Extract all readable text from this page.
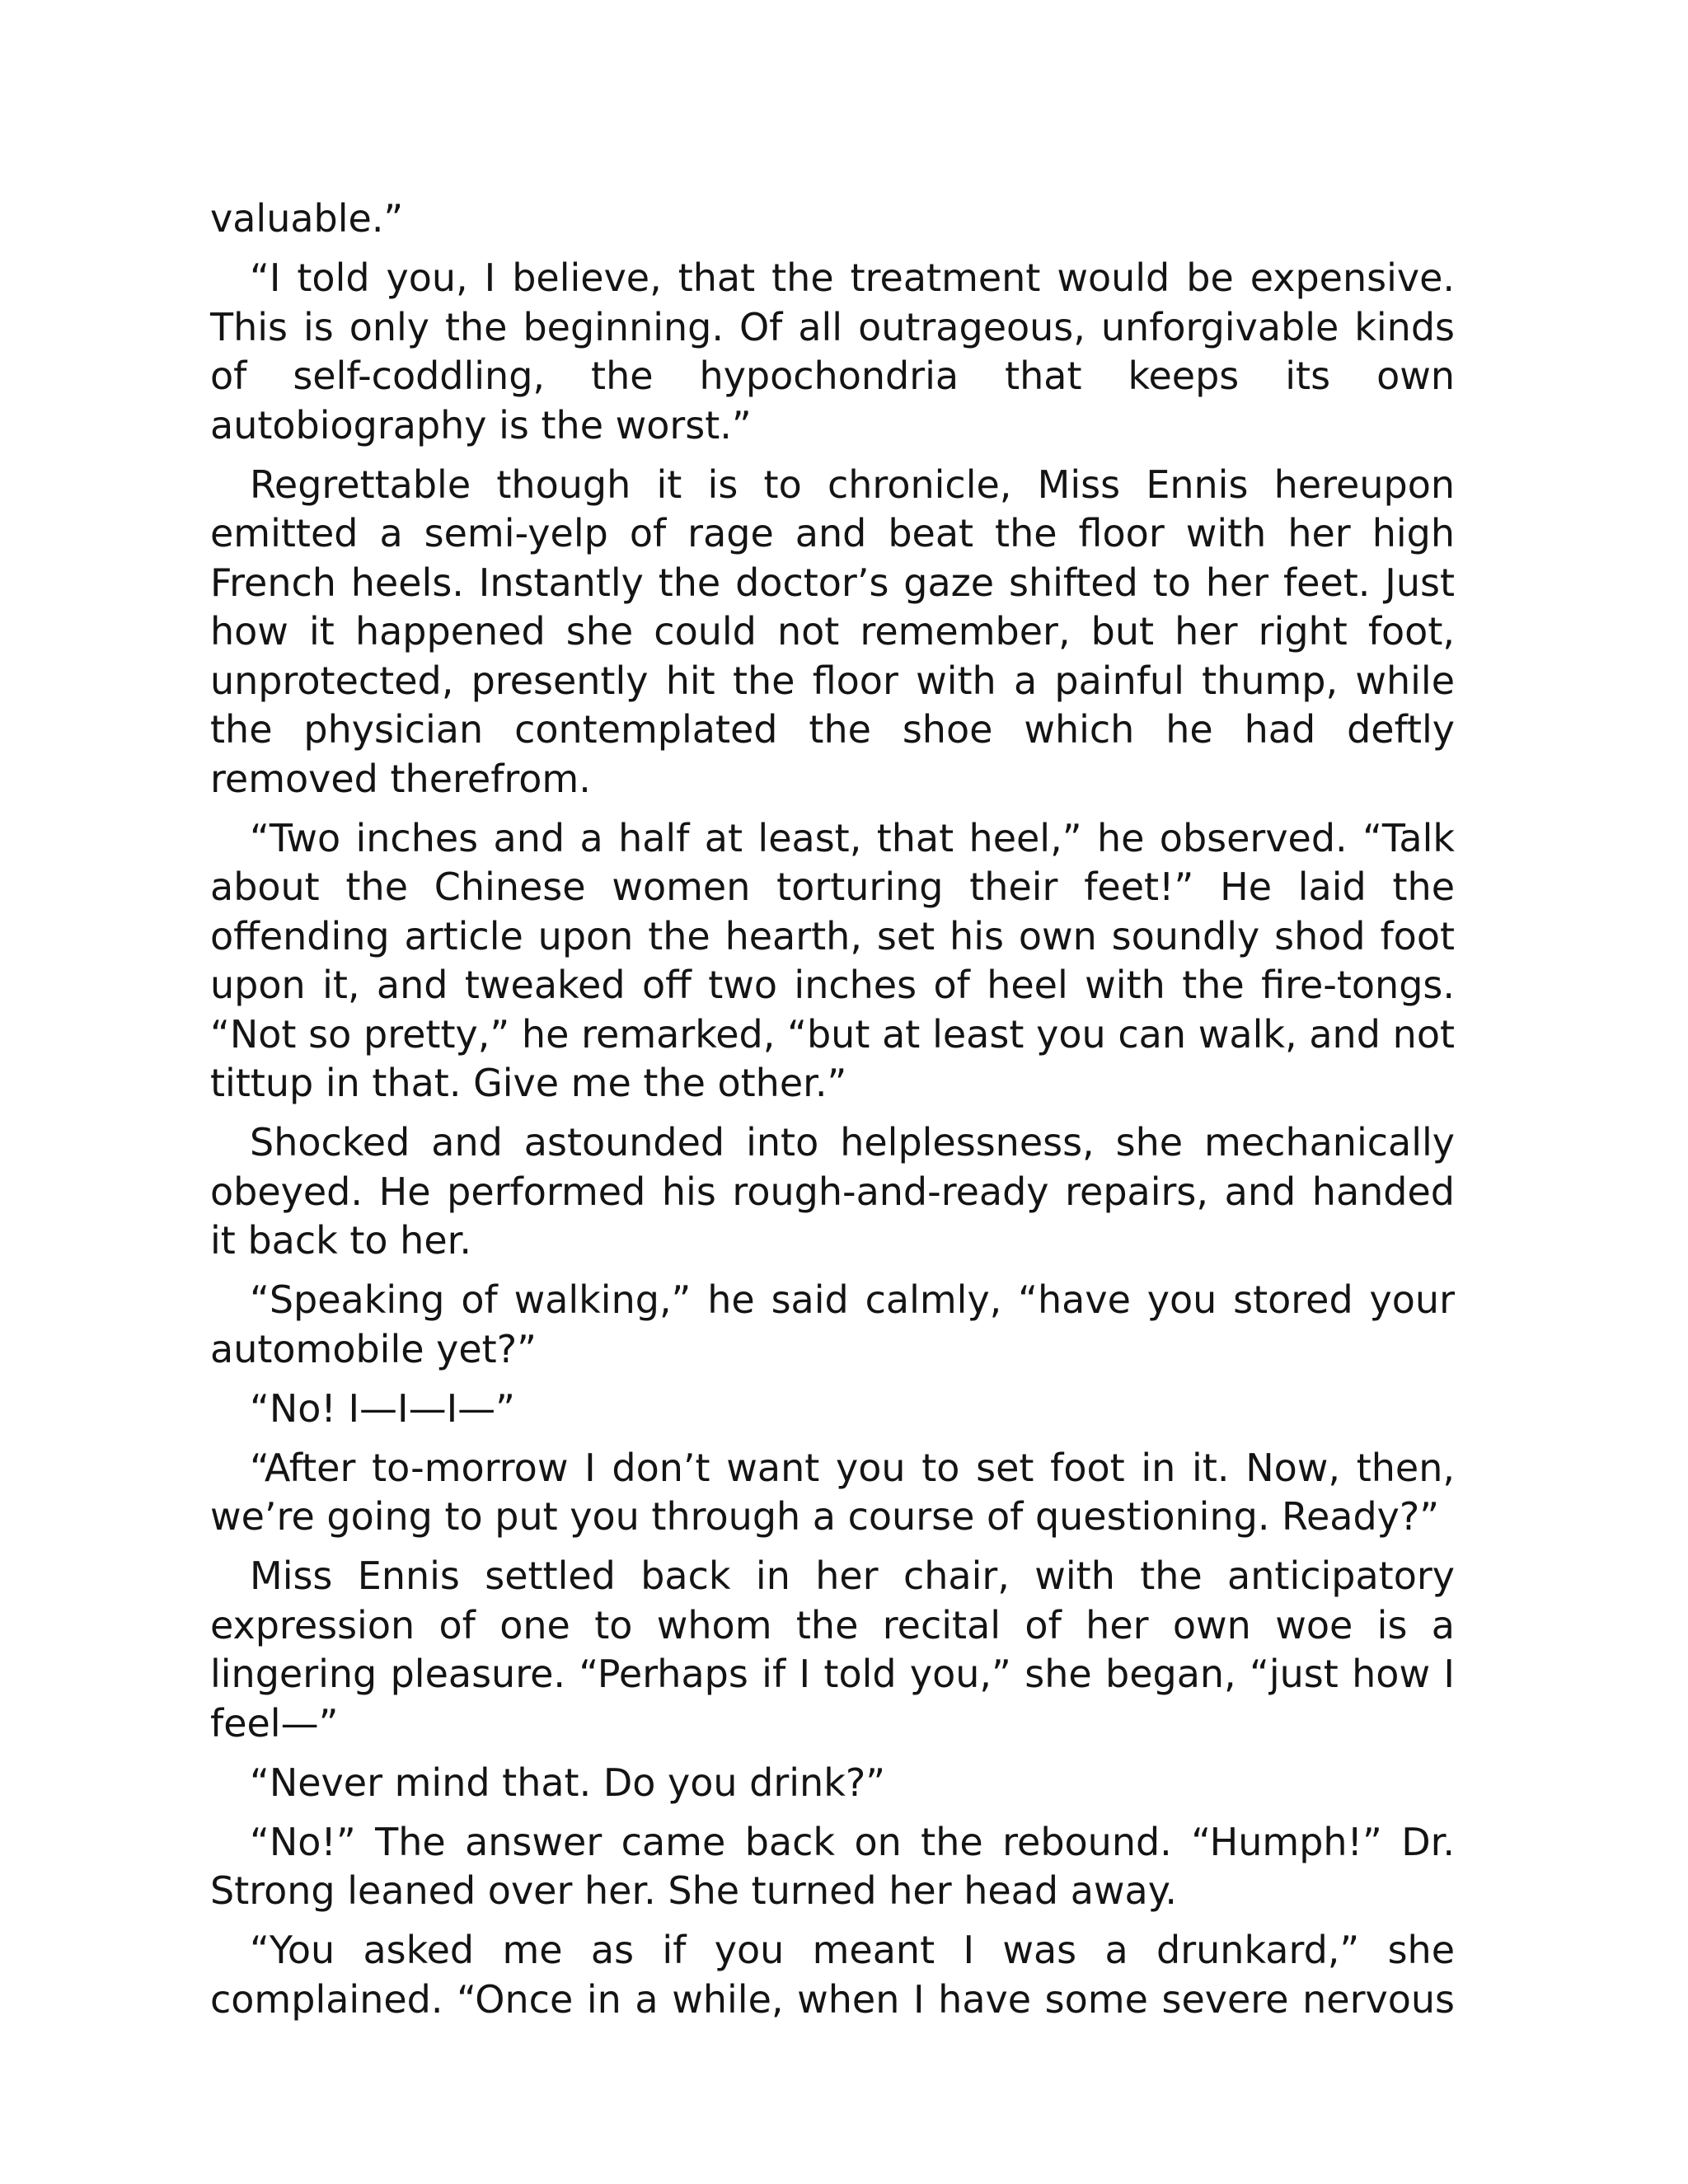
valuable.”

“I told you, I believe, that the treatment would be expensive. This is only the beginning. Of all outrageous, unforgivable kinds of self-coddling, the hypochondria that keeps its own autobiography is the worst.”

Regrettable though it is to chronicle, Miss Ennis hereupon emitted a semi-yelp of rage and beat the floor with her high French heels. Instantly the doctor’s gaze shifted to her feet. Just how it happened she could not remember, but her right foot, unprotected, presently hit the floor with a painful thump, while the physician contemplated the shoe which he had deftly removed therefrom.

“Two inches and a half at least, that heel,” he observed. “Talk about the Chinese women torturing their feet!” He laid the offending article upon the hearth, set his own soundly shod foot upon it, and tweaked off two inches of heel with the fire-tongs. “Not so pretty,” he remarked, “but at least you can walk, and not tittup in that. Give me the other.”

Shocked and astounded into helplessness, she mechanically obeyed. He performed his rough-and-ready repairs, and handed it back to her.

“Speaking of walking,” he said calmly, “have you stored your automobile yet?”

“No! I—I—I—”

“After to-morrow I don’t want you to set foot in it. Now, then, we’re going to put you through a course of questioning. Ready?”

Miss Ennis settled back in her chair, with the anticipatory expression of one to whom the recital of her own woe is a lingering pleasure. “Perhaps if I told you,” she began, “just how I feel—”

“Never mind that. Do you drink?”

“No!” The answer came back on the rebound. “Humph!” Dr. Strong leaned over her. She turned her head away.

“You asked me as if you meant I was a drunkard,” she complained. “Once in a while, when I have some severe nervous
